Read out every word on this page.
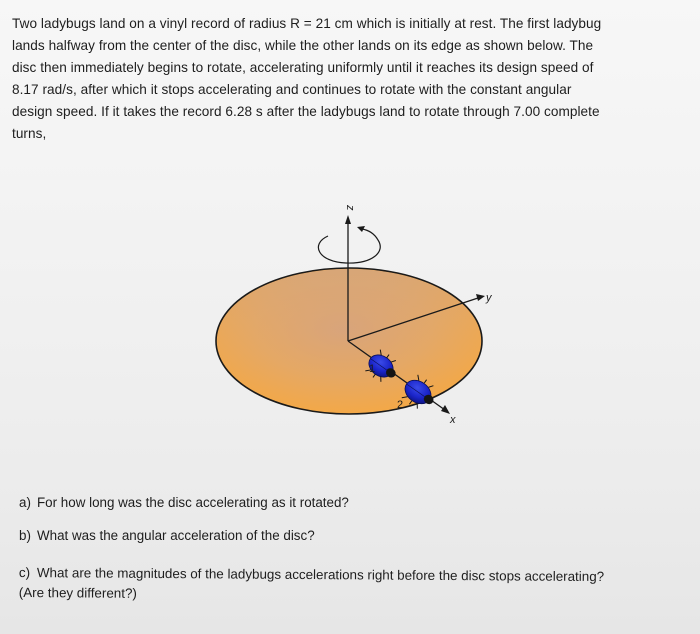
Two ladybugs land on a vinyl record of radius R = 21 cm which is initially at rest. The first ladybug
lands halfway from the center of the disc, while the other lands on its edge as shown below. The
disc then immediately begins to rotate, accelerating uniformly until it reaches its design speed of
8.17 rad/s, after which it stops accelerating and continues to rotate with the constant angular
design speed. If it takes the record 6.28 s after the ladybugs land to rotate through 7.00 complete
turns,
z
y
x
1
2
a) For how long was the disc accelerating as it rotated?
b) What was the angular acceleration of the disc?
c) What are the magnitudes of the ladybugs accelerations right before the disc stops accelerating?
(Are they different?)
